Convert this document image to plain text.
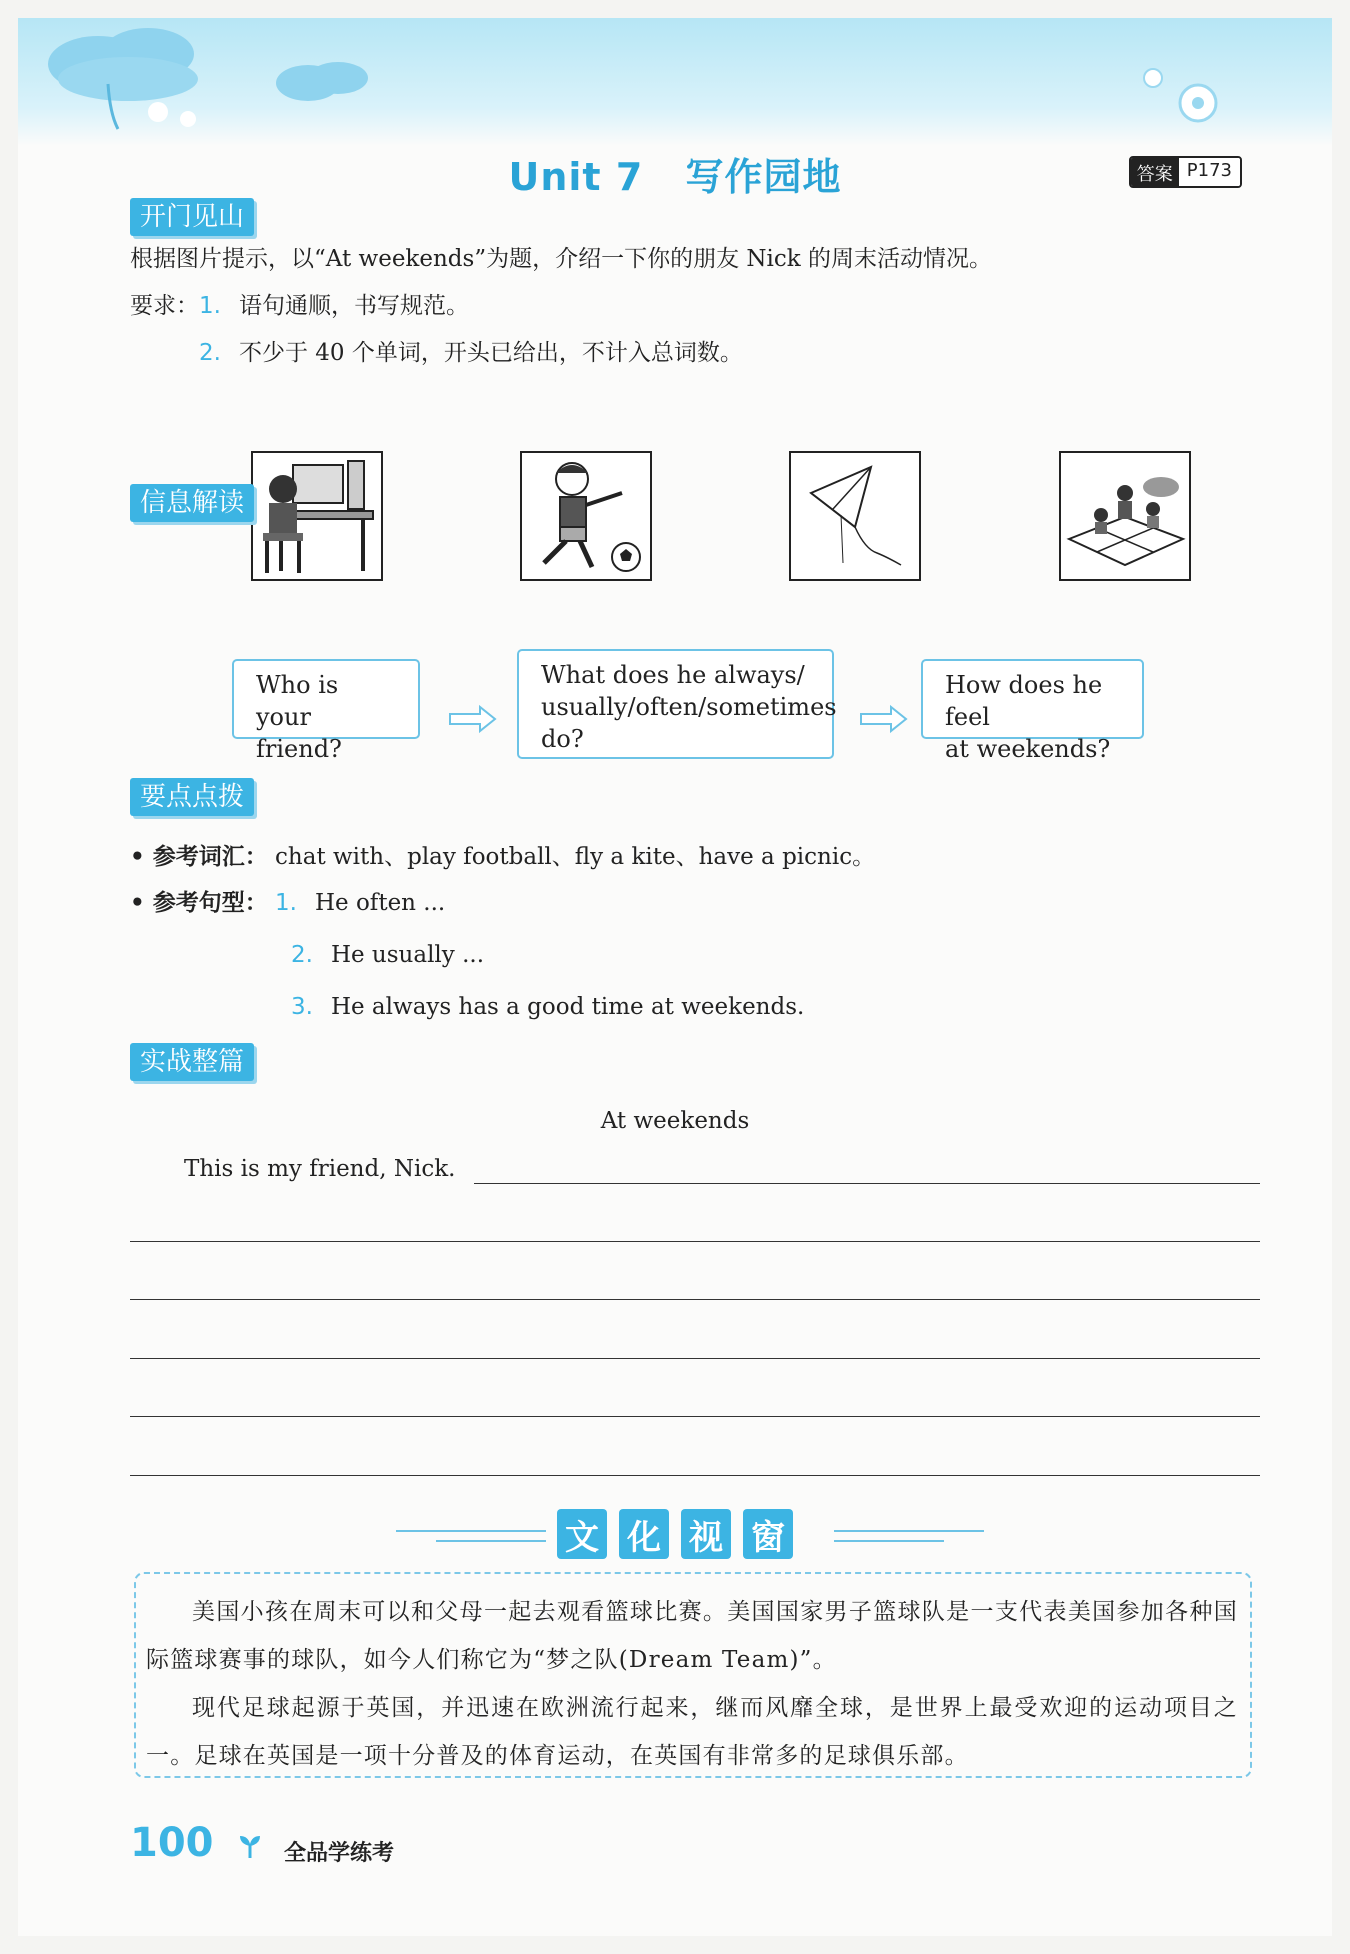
Unit 7 写作园地	答案 P173
开门见山
根据图片提示，以“At weekends”为题，介绍一下你的朋友 Nick 的周末活动情况。
要求：1. 语句通顺，书写规范。
2. 不少于 40 个单词，开头已给出，不计入总词数。
信息解读
Who is your
friend?
What does he always/
usually/often/sometimes
do?
How does he feel
at weekends?
要点点拨
• 参考词汇： chat with、play football、fly a kite、have a picnic。
• 参考句型： 1. He often ...
2. He usually ...
3. He always has a good time at weekends.
实战整篇
At weekends
This is my friend, Nick.
文 化 视 窗

美国小孩在周末可以和父母一起去观看篮球比赛。美国国家男子篮球队是一支代表美国参加各种国际篮球赛事的球队，如今人们称它为“梦之队(Dream Team)”。

现代足球起源于英国，并迅速在欧洲流行起来，继而风靡全球，是世界上最受欢迎的运动项目之一。足球在英国是一项十分普及的体育运动，在英国有非常多的足球俱乐部。

100	全品学练考
